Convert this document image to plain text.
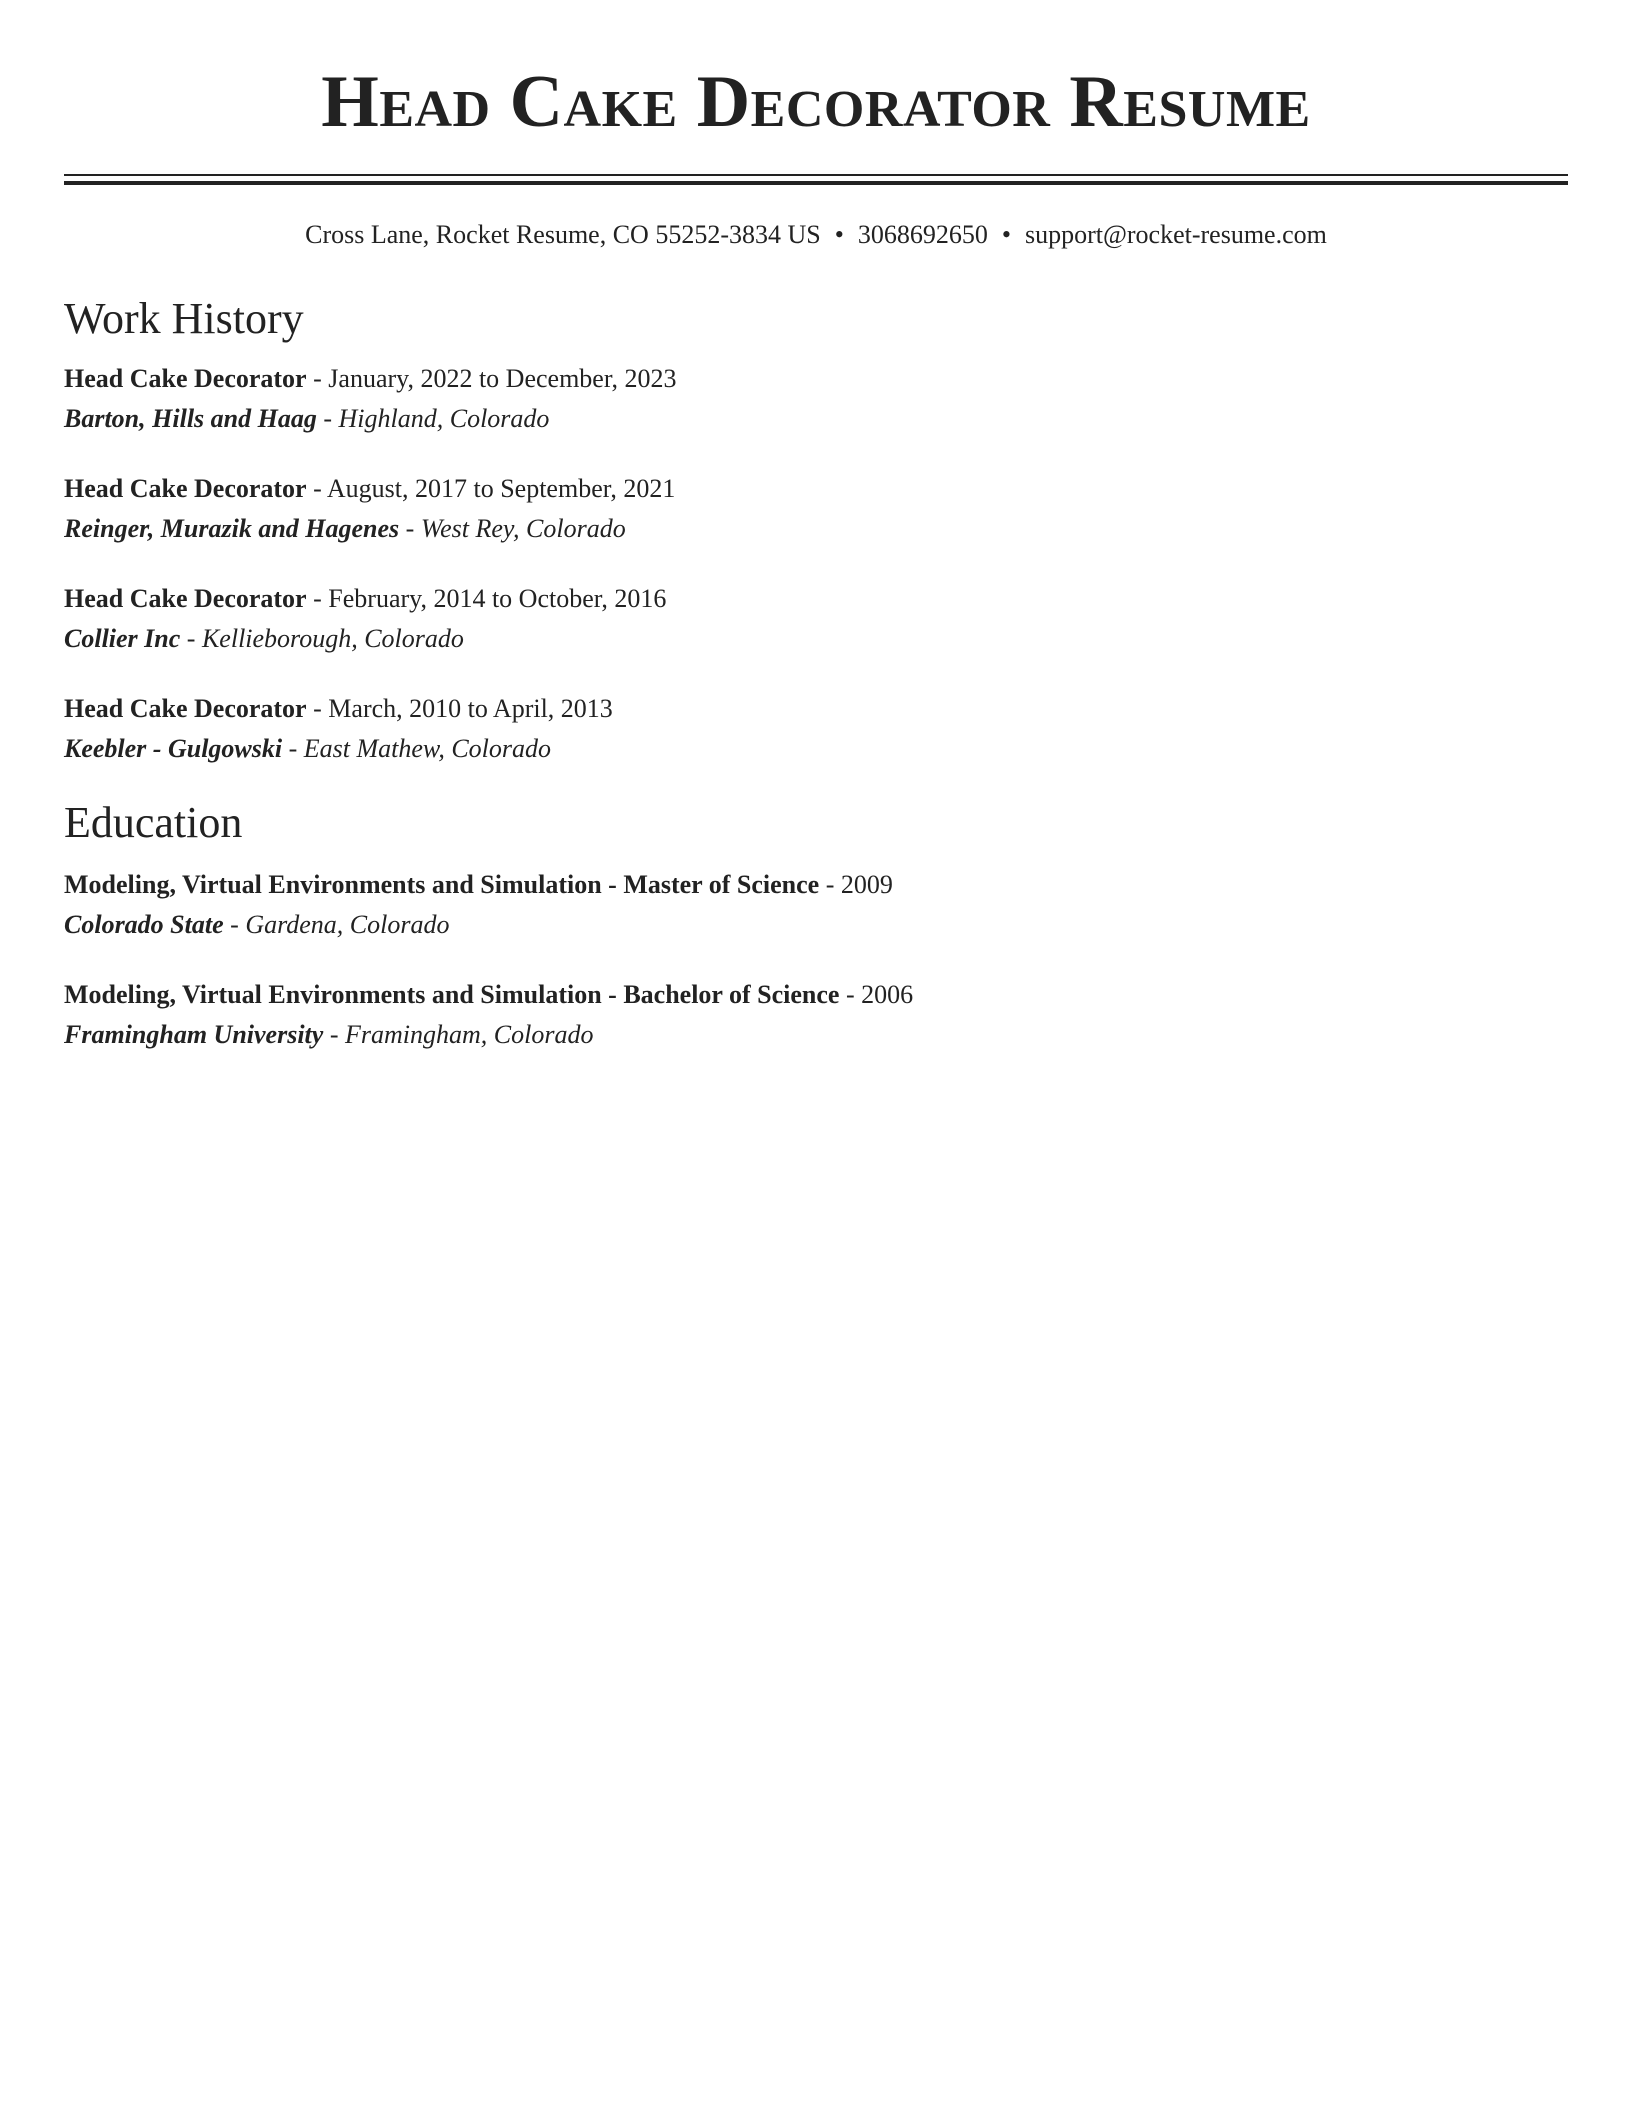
Head Cake Decorator Resume
Cross Lane, Rocket Resume, CO 55252-3834 US • 3068692650 • support@rocket-resume.com
Work History
Head Cake Decorator - January, 2022 to December, 2023
Barton, Hills and Haag - Highland, Colorado
Head Cake Decorator - August, 2017 to September, 2021
Reinger, Murazik and Hagenes - West Rey, Colorado
Head Cake Decorator - February, 2014 to October, 2016
Collier Inc - Kellieborough, Colorado
Head Cake Decorator - March, 2010 to April, 2013
Keebler - Gulgowski - East Mathew, Colorado
Education
Modeling, Virtual Environments and Simulation - Master of Science - 2009
Colorado State - Gardena, Colorado
Modeling, Virtual Environments and Simulation - Bachelor of Science - 2006
Framingham University - Framingham, Colorado
